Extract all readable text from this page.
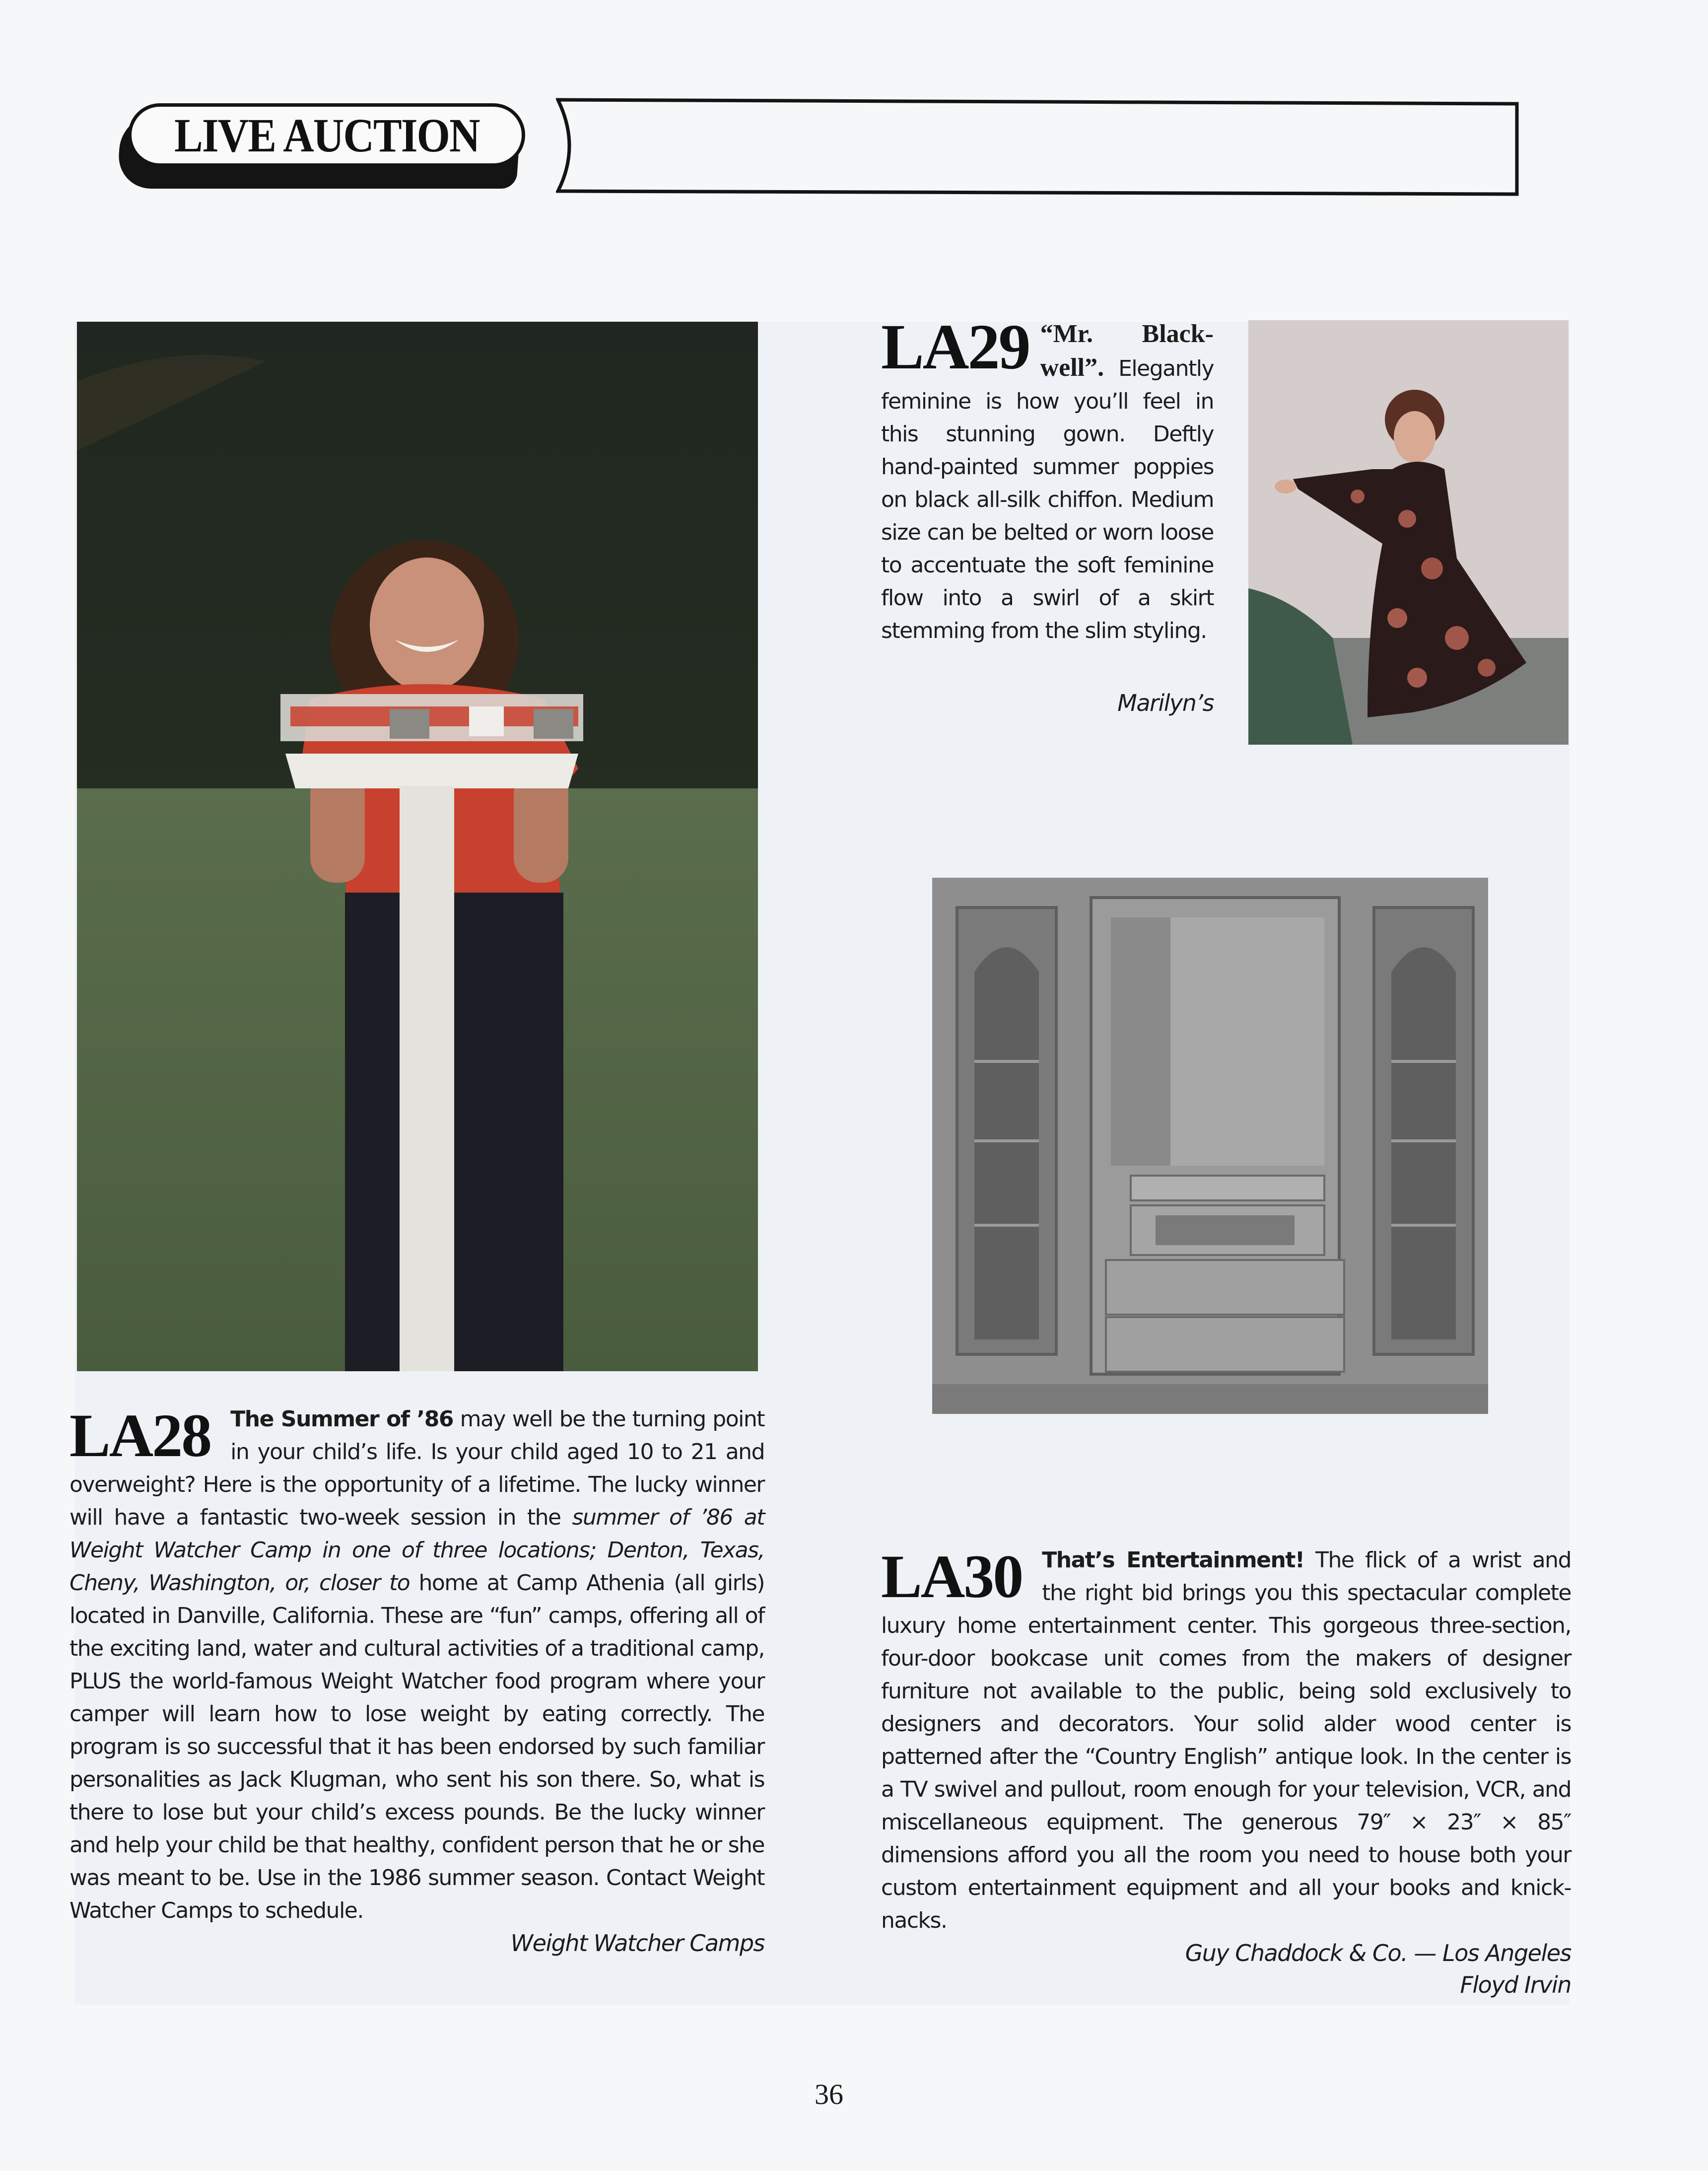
LIVE AUCTION
LA29 “Mr. Black-well”. Elegantly feminine is how you’ll feel in this stunning gown. Deftly hand-painted summer poppies on black all-silk chiffon. Medium size can be belted or worn loose to accentuate the soft feminine flow into a swirl of a skirt stemming from the slim styling.
Marilyn’s
LA28 The Summer of ’86 may well be the turning point in your child’s life. Is your child aged 10 to 21 and overweight? Here is the opportunity of a lifetime. The lucky winner will have a fantastic two-week session in the summer of ’86 at Weight Watcher Camp in one of three locations; Denton, Texas, Cheny, Washington, or, closer to home at Camp Athenia (all girls) located in Danville, California. These are “fun” camps, offering all of the exciting land, water and cultural activities of a traditional camp, PLUS the world-famous Weight Watcher food program where your camper will learn how to lose weight by eating correctly. The program is so successful that it has been endorsed by such familiar personalities as Jack Klugman, who sent his son there. So, what is there to lose but your child’s excess pounds. Be the lucky winner and help your child be that healthy, confident person that he or she was meant to be. Use in the 1986 summer season. Contact Weight Watcher Camps to schedule.
Weight Watcher Camps
LA30 That’s Entertainment! The flick of a wrist and the right bid brings you this spectacular complete luxury home entertainment center. This gorgeous three-section, four-door bookcase unit comes from the makers of designer furniture not available to the public, being sold exclusively to designers and decorators. Your solid alder wood center is patterned after the “Country English” antique look. In the center is a TV swivel and pullout, room enough for your television, VCR, and miscellaneous equipment. The generous 79″ × 23″ × 85″ dimensions afford you all the room you need to house both your custom entertainment equipment and all your books and knick-nacks.
Guy Chaddock & Co. — Los Angeles
Floyd Irvin
36
